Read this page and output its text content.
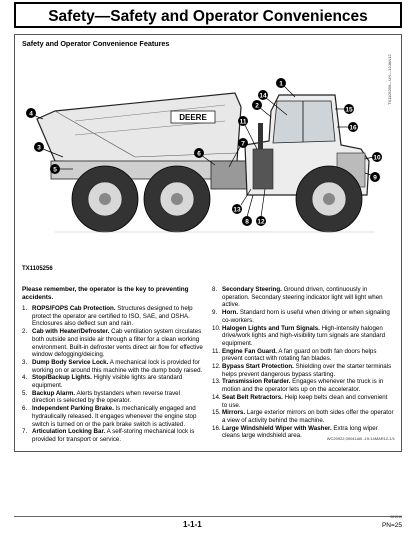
Safety—Safety and Operator Conveniences
Safety and Operator Convenience Features
DEERE
1
2
3
4
5
6
7
8
9
10
11
12
13
14
15
16
TX1105256—UN—12JAN12
TX1105256
Please remember, the operator is the key to preventing accidents.
1. ROPS/FOPS Cab Protection. Structures designed to help protect the operator are certified to ISO, SAE, and OSHA. Enclosures also deflect sun and rain.
2. Cab with Heater/Defroster. Cab ventilation system circulates both outside and inside air through a filter for a clean working environment. Built-in defroster vents direct air flow for effective window defogging/deicing.
3. Dump Body Service Lock. A mechanical lock is provided for working on or around this machine with the dump body raised.
4. Stop/Backup Lights. Highly visible lights are standard equipment.
5. Backup Alarm. Alerts bystanders when reverse travel direction is selected by the operator.
6. Independent Parking Brake. Is mechanically engaged and hydraulically released. It engages whenever the engine stop switch is turned on or the park brake switch is activated.
7. Articulation Locking Bar. A self-storing mechanical lock is provided for transport or service.
8. Secondary Steering. Ground driven, continuously in operation. Secondary steering indicator light will light when active.
9. Horn. Standard horn is useful when driving or when signaling co-workers.
10. Halogen Lights and Turn Signals. High-intensity halogen drive/work lights and high-visibility turn signals are standard equipment.
11. Engine Fan Guard. A fan guard on both fan doors helps prevent contact with rotating fan blades.
12. Bypass Start Protection. Shielding over the starter terminals helps prevent dangerous bypass starting.
13. Transmission Retarder. Engages whenever the truck is in motion and the operator lets up on the accelerator.
14. Seat Belt Retractors. Help keep belts clean and convenient to use.
15. Mirrors. Large exterior mirrors on both sides offer the operator a view of activity behind the machine.
16. Large Windshield Wiper with Washer. Extra long wiper cleans large windshield area.	WC20922,00041AB -19-14MAR12-1/1
1-1-1
021915
PN=25
